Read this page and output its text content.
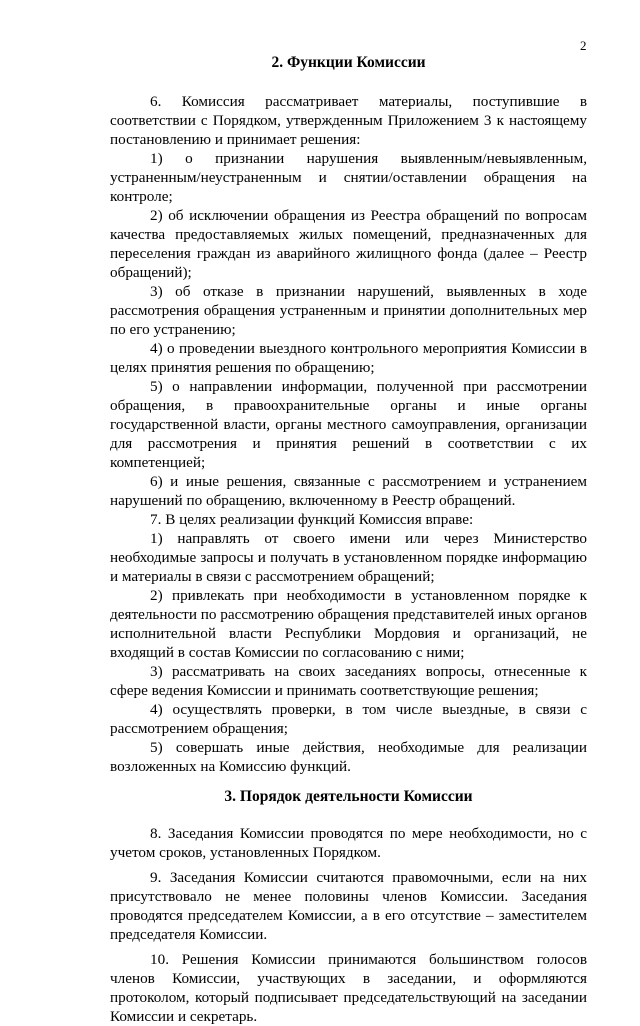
2
2. Функции Комиссии

6. Комиссия рассматривает материалы, поступившие в соответствии с Порядком, утвержденным Приложением 3 к настоящему постановлению и принимает решения:

1) о признании нарушения выявленным/невыявленным, устраненным/неустраненным и снятии/оставлении обращения на контроле;

2) об исключении обращения из Реестра обращений по вопросам качества предоставляемых жилых помещений, предназначенных для переселения граждан из аварийного жилищного фонда (далее – Реестр обращений);

3) об отказе в признании нарушений, выявленных в ходе рассмотрения обращения устраненным и принятии дополнительных мер по его устранению;

4) о проведении выездного контрольного мероприятия Комиссии в целях принятия решения по обращению;

5) о направлении информации, полученной при рассмотрении обращения, в правоохранительные органы и иные органы государственной власти, органы местного самоуправления, организации для рассмотрения и принятия решений в соответствии с их компетенцией;

6) и иные решения, связанные с рассмотрением и устранением нарушений по обращению, включенному в Реестр обращений.

7. В целях реализации функций Комиссия вправе:

1) направлять от своего имени или через Министерство необходимые запросы и получать в установленном порядке информацию и материалы в связи с рассмотрением обращений;

2) привлекать при необходимости в установленном порядке к деятельности по рассмотрению обращения представителей иных органов исполнительной власти Республики Мордовия и организаций, не входящий в состав Комиссии по согласованию с ними;

3) рассматривать на своих заседаниях вопросы, отнесенные к сфере ведения Комиссии и принимать соответствующие решения;

4) осуществлять проверки, в том числе выездные, в связи с рассмотрением обращения;

5) совершать иные действия, необходимые для реализации возложенных на Комиссию функций.

3. Порядок деятельности Комиссии

8. Заседания Комиссии проводятся по мере необходимости, но с учетом сроков, установленных Порядком.

9. Заседания Комиссии считаются правомочными, если на них присутствовало не менее половины членов Комиссии. Заседания проводятся председателем Комиссии, а в его отсутствие – заместителем председателя Комиссии.

10. Решения Комиссии принимаются большинством голосов членов Комиссии, участвующих в заседании, и оформляются протоколом, который подписывает председательствующий на заседании Комиссии и секретарь.
